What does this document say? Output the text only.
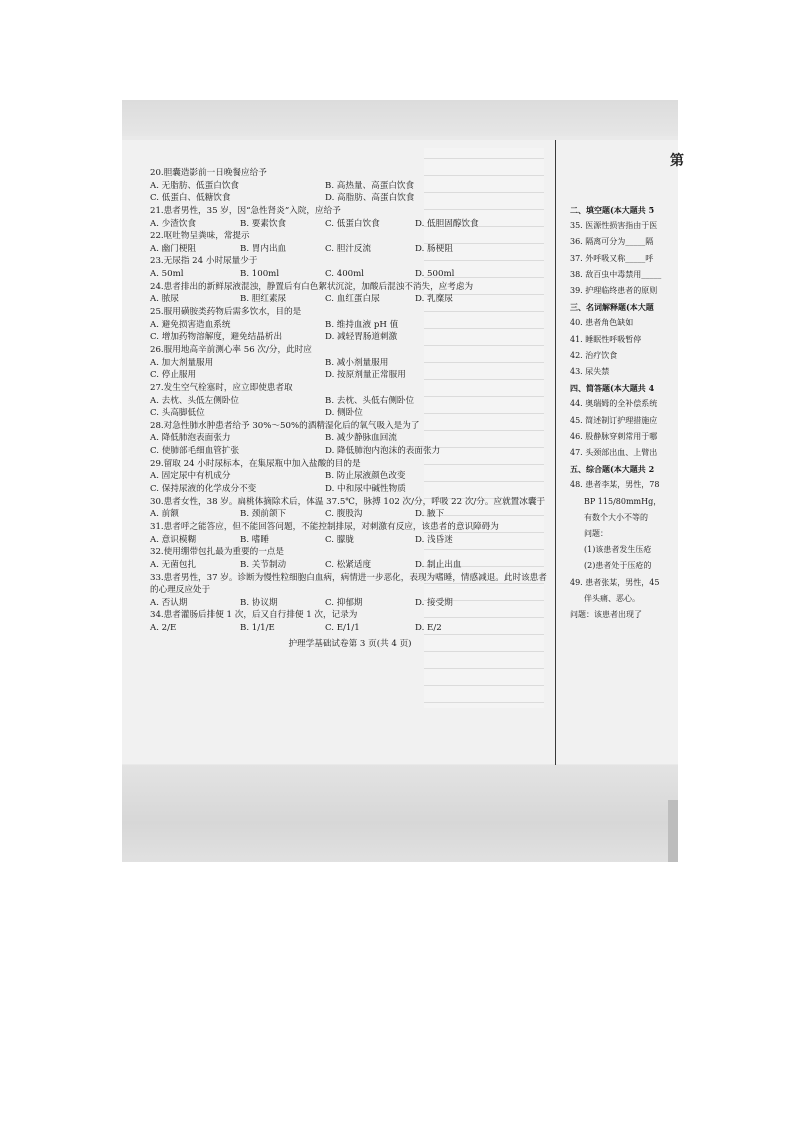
第
20.胆囊造影前一日晚餐应给予
A. 无脂肪、低蛋白饮食	B. 高热量、高蛋白饮食
C. 低蛋白、低糖饮食	D. 高脂肪、高蛋白饮食
21.患者男性，35 岁，因“急性肾炎”入院，应给予
A. 少渣饮食	B. 要素饮食	C. 低蛋白饮食	D. 低胆固醇饮食
22.呕吐物呈粪味，常提示
A. 幽门梗阻	B. 胃内出血	C. 胆汁反流	D. 肠梗阻
23.无尿指 24 小时尿量少于
A. 50ml	B. 100ml	C. 400ml	D. 500ml
24.患者排出的新鲜尿液混浊，静置后有白色絮状沉淀，加酸后混浊不消失，应考虑为
A. 脓尿	B. 胆红素尿	C. 血红蛋白尿	D. 乳糜尿
25.服用磺胺类药物后需多饮水，目的是
A. 避免损害造血系统	B. 维持血液 pH 值
C. 增加药物溶解度，避免结晶析出	D. 减轻胃肠道刺激
26.服用地高辛前测心率 56 次/分，此时应
A. 加大剂量服用	B. 减小剂量服用
C. 停止服用	D. 按原剂量正常服用
27.发生空气栓塞时，应立即使患者取
A. 去枕、头低左侧卧位	B. 去枕、头低右侧卧位
C. 头高脚低位	D. 侧卧位
28.对急性肺水肿患者给予 30%～50%的酒精湿化后的氧气吸入是为了
A. 降低肺泡表面张力	B. 减少静脉血回流
C. 使肺部毛细血管扩张	D. 降低肺泡内泡沫的表面张力
29.留取 24 小时尿标本，在集尿瓶中加入盐酸的目的是
A. 固定尿中有机成分	B. 防止尿液颜色改变
C. 保持尿液的化学成分不变	D. 中和尿中碱性物质
30.患者女性，38 岁。扁桃体摘除术后，体温 37.5℃，脉搏 102 次/分，呼吸 22 次/分。应就置冰囊于
A. 前额	B. 颈前颌下	C. 腹股沟	D. 腋下
31.患者呼之能答应，但不能回答问题，不能控制排尿，对刺激有反应，该患者的意识障碍为
A. 意识模糊	B. 嗜睡	C. 朦胧	D. 浅昏迷
32.使用绷带包扎最为重要的一点是
A. 无菌包扎	B. 关节制动	C. 松紧适度	D. 制止出血
33.患者男性，37 岁。诊断为慢性粒细胞白血病，病情进一步恶化，表现为嗜睡，情感减退。此时该患者的心理反应处于
A. 否认期	B. 协议期	C. 抑郁期	D. 接受期
34.患者灌肠后排便 1 次，后又自行排便 1 次，记录为
A. 2/E	B. 1/1/E	C. E/1/1	D. E/2
护理学基础试卷第 3 页(共 4 页)
二、填空题(本大题共 5
35. 医源性损害指由于医
36. 隔离可分为_____隔
37. 外呼吸又称_____呼
38. 敌百虫中毒禁用_____
39. 护理临终患者的原则
三、名词解释题(本大题
40. 患者角色缺如
41. 睡眠性呼吸暂停
42. 治疗饮食
43. 尿失禁
四、简答题(本大题共 4
44. 奥瑞姆的全补偿系统
45. 简述制订护理措施应
46. 股静脉穿刺常用于哪
47. 头颈部出血、上臂出
五、综合题(本大题共 2
48. 患者李某，男性，78
BP 115/80mmHg，
有数个大小不等的
问题：
(1)该患者发生压疮
(2)患者处于压疮的
49. 患者张某，男性，45
伴头痛、恶心。
问题：该患者出现了
